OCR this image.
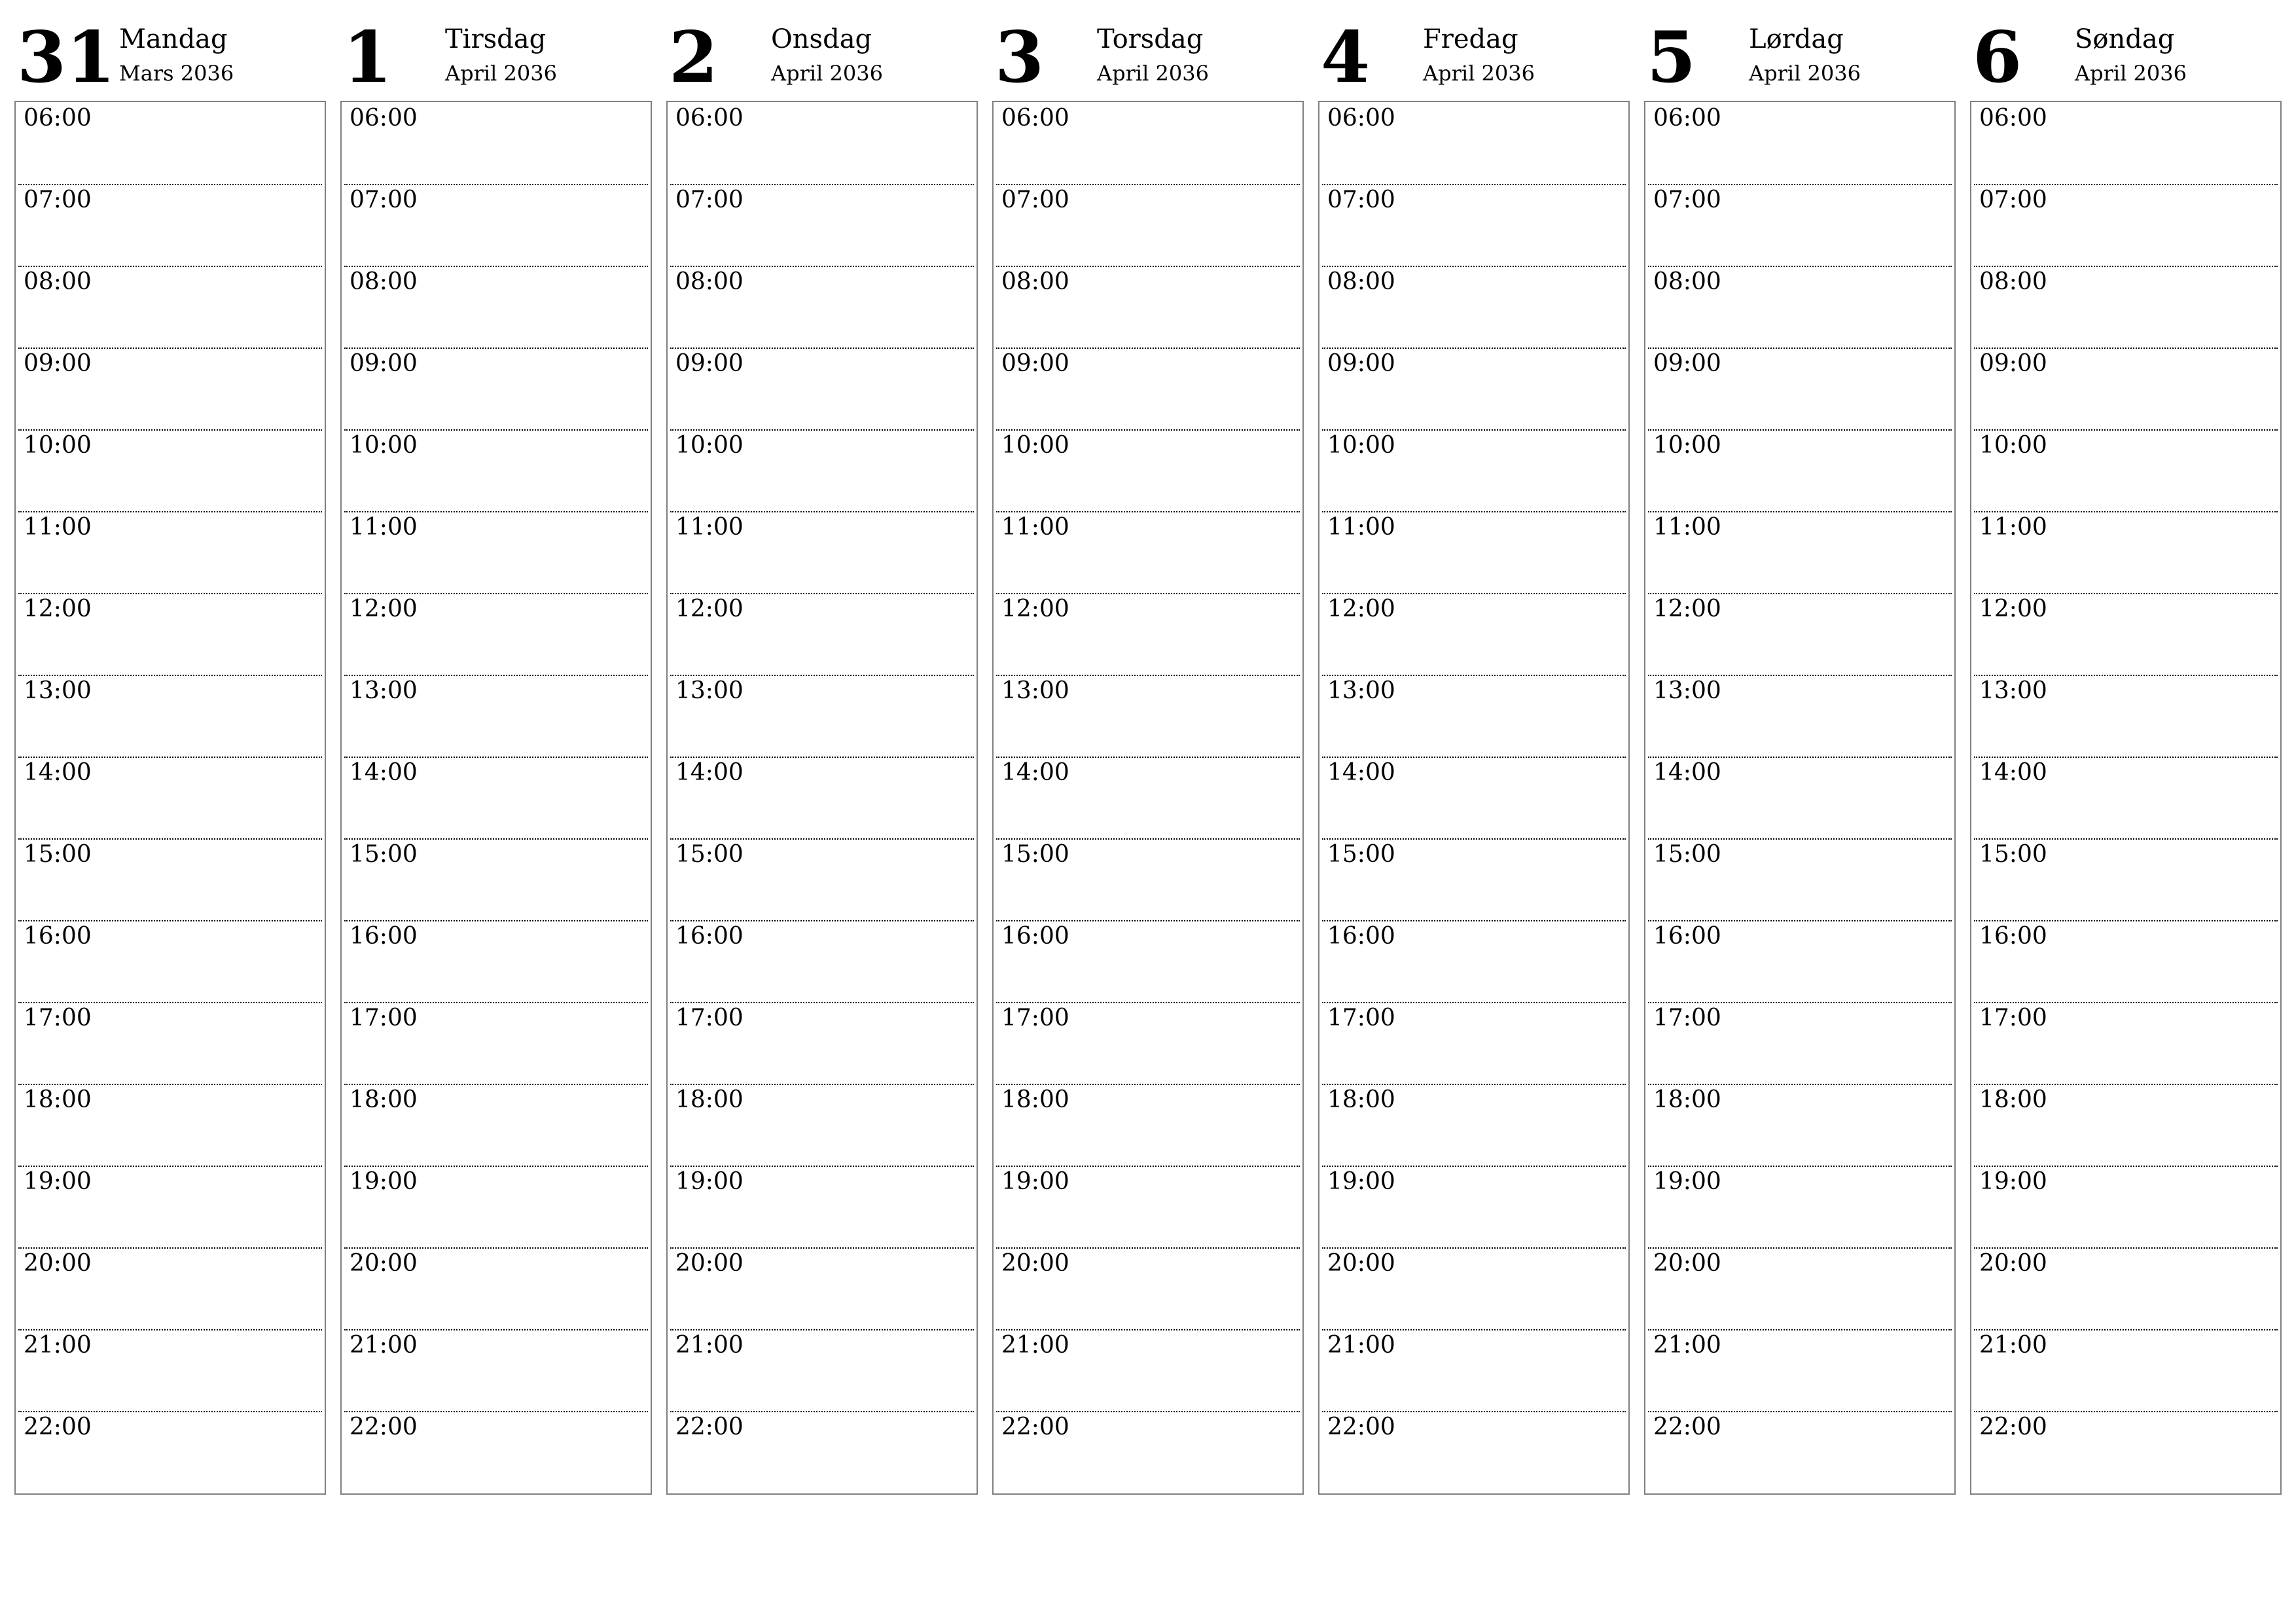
31 Mandag
Mars 2036
06:00
07:00
08:00
09:00
10:00
11:00
12:00
13:00
14:00
15:00
16:00
17:00
18:00
19:00
20:00
21:00
22:00
1 Tirsdag
April 2036
06:00
07:00
08:00
09:00
10:00
11:00
12:00
13:00
14:00
15:00
16:00
17:00
18:00
19:00
20:00
21:00
22:00
2 Onsdag
April 2036
06:00
07:00
08:00
09:00
10:00
11:00
12:00
13:00
14:00
15:00
16:00
17:00
18:00
19:00
20:00
21:00
22:00
3 Torsdag
April 2036
06:00
07:00
08:00
09:00
10:00
11:00
12:00
13:00
14:00
15:00
16:00
17:00
18:00
19:00
20:00
21:00
22:00
4 Fredag
April 2036
06:00
07:00
08:00
09:00
10:00
11:00
12:00
13:00
14:00
15:00
16:00
17:00
18:00
19:00
20:00
21:00
22:00
5 Lørdag
April 2036
06:00
07:00
08:00
09:00
10:00
11:00
12:00
13:00
14:00
15:00
16:00
17:00
18:00
19:00
20:00
21:00
22:00
6 Søndag
April 2036
06:00
07:00
08:00
09:00
10:00
11:00
12:00
13:00
14:00
15:00
16:00
17:00
18:00
19:00
20:00
21:00
22:00
